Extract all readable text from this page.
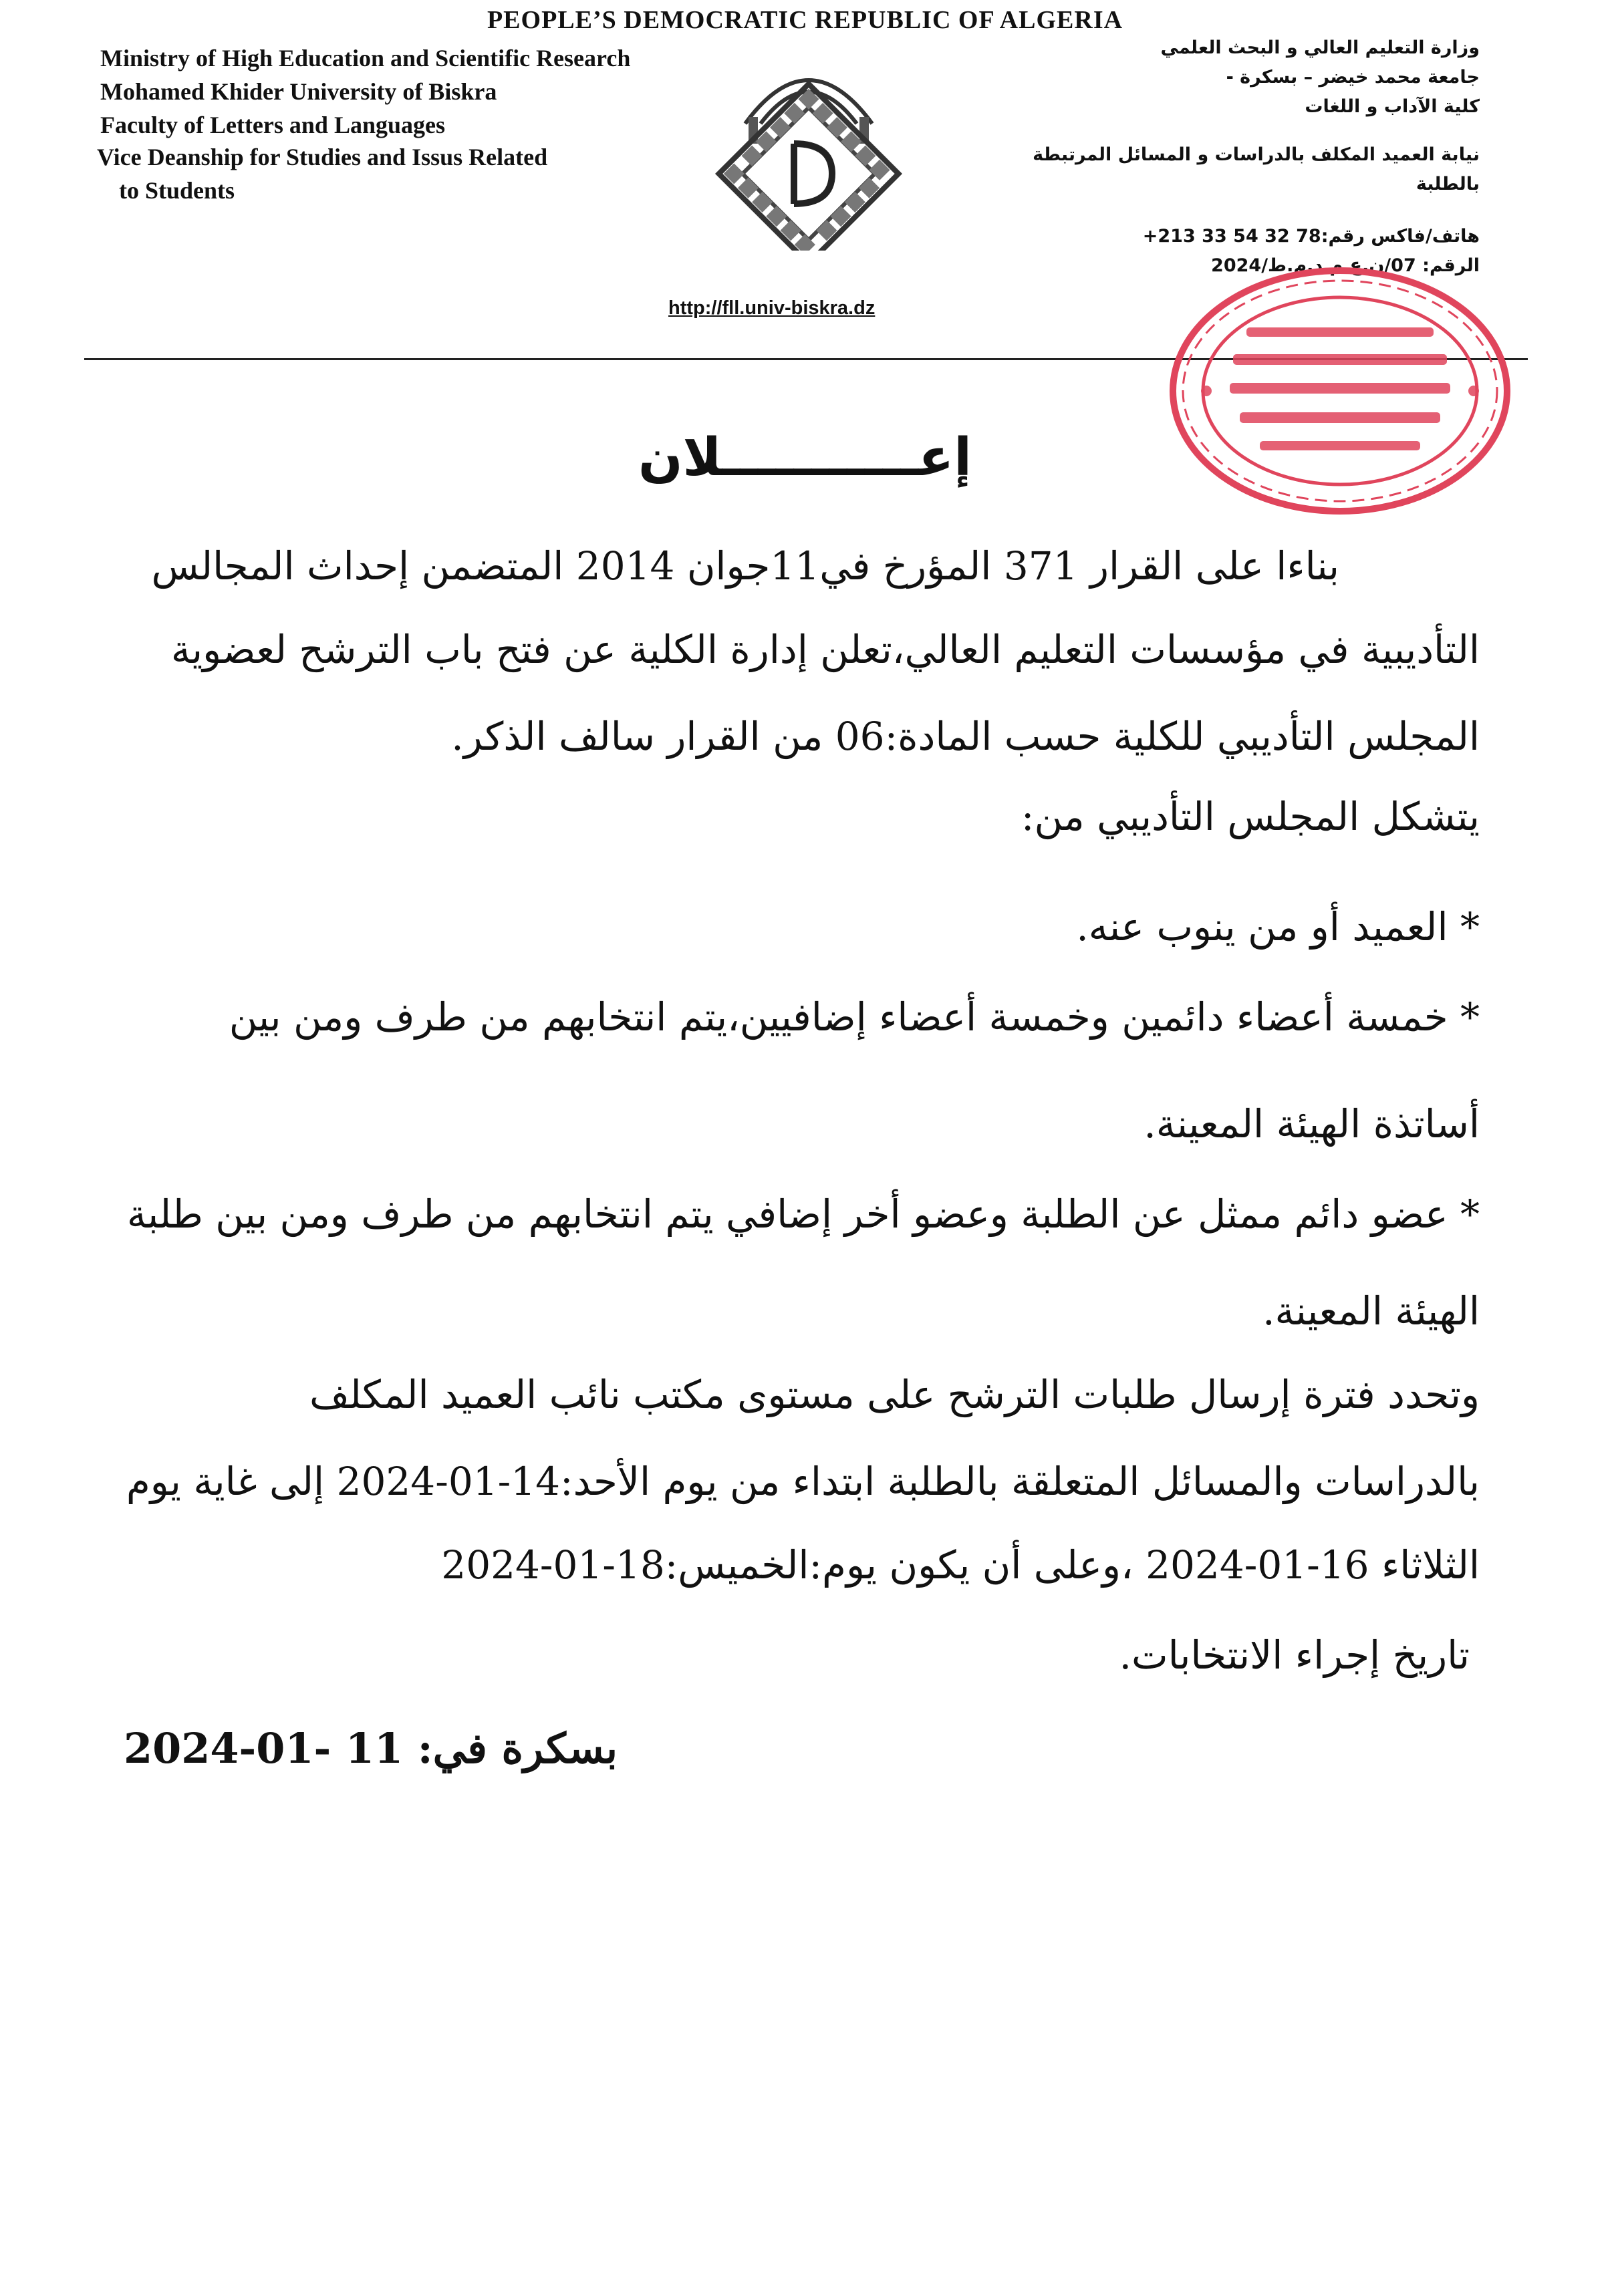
PEOPLE’S DEMOCRATIC REPUBLIC OF ALGERIA
Ministry of High Education and Scientific Research
Mohamed Khider University of Biskra
Faculty of Letters and Languages
Vice Deanship for Studies and Issus Related
to Students
وزارة التعليم العالي و البحث العلمي
جامعة محمد خيضر – بسكرة -
كلية الآداب و اللغات
نيابة العميد المكلف بالدراسات و المسائل المرتبطة
بالطلبة
هاتف/فاكس رقم:78 32 54 33 213+
الرقم: 07/ن.ع.م.د.م.ط/2024
http://fll.univ-biskra.dz
إعـــــــــــلان
بناءا على القرار 371 المؤرخ في11جوان 2014 المتضمن إحداث المجالس
التأديبية في مؤسسات التعليم العالي،تعلن إدارة الكلية عن فتح باب الترشح لعضوية
المجلس التأديبي للكلية حسب المادة:06 من القرار سالف الذكر.
يتشكل المجلس التأديبي من:
* العميد أو من ينوب عنه.
* خمسة أعضاء دائمين وخمسة أعضاء إضافيين،يتم انتخابهم من طرف ومن بين
أساتذة الهيئة المعينة.
* عضو دائم ممثل عن الطلبة وعضو أخر إضافي يتم انتخابهم من طرف ومن بين طلبة
الهيئة المعينة.
وتحدد فترة إرسال طلبات الترشح على مستوى مكتب نائب العميد المكلف
بالدراسات والمسائل المتعلقة بالطلبة ابتداء من يوم الأحد:14-01-2024 إلى غاية يوم
الثلاثاء 16-01-2024 ،وعلى أن يكون يوم:الخميس:18-01-2024
تاريخ إجراء الانتخابات.
بسكرة في: 11 -01-2024
